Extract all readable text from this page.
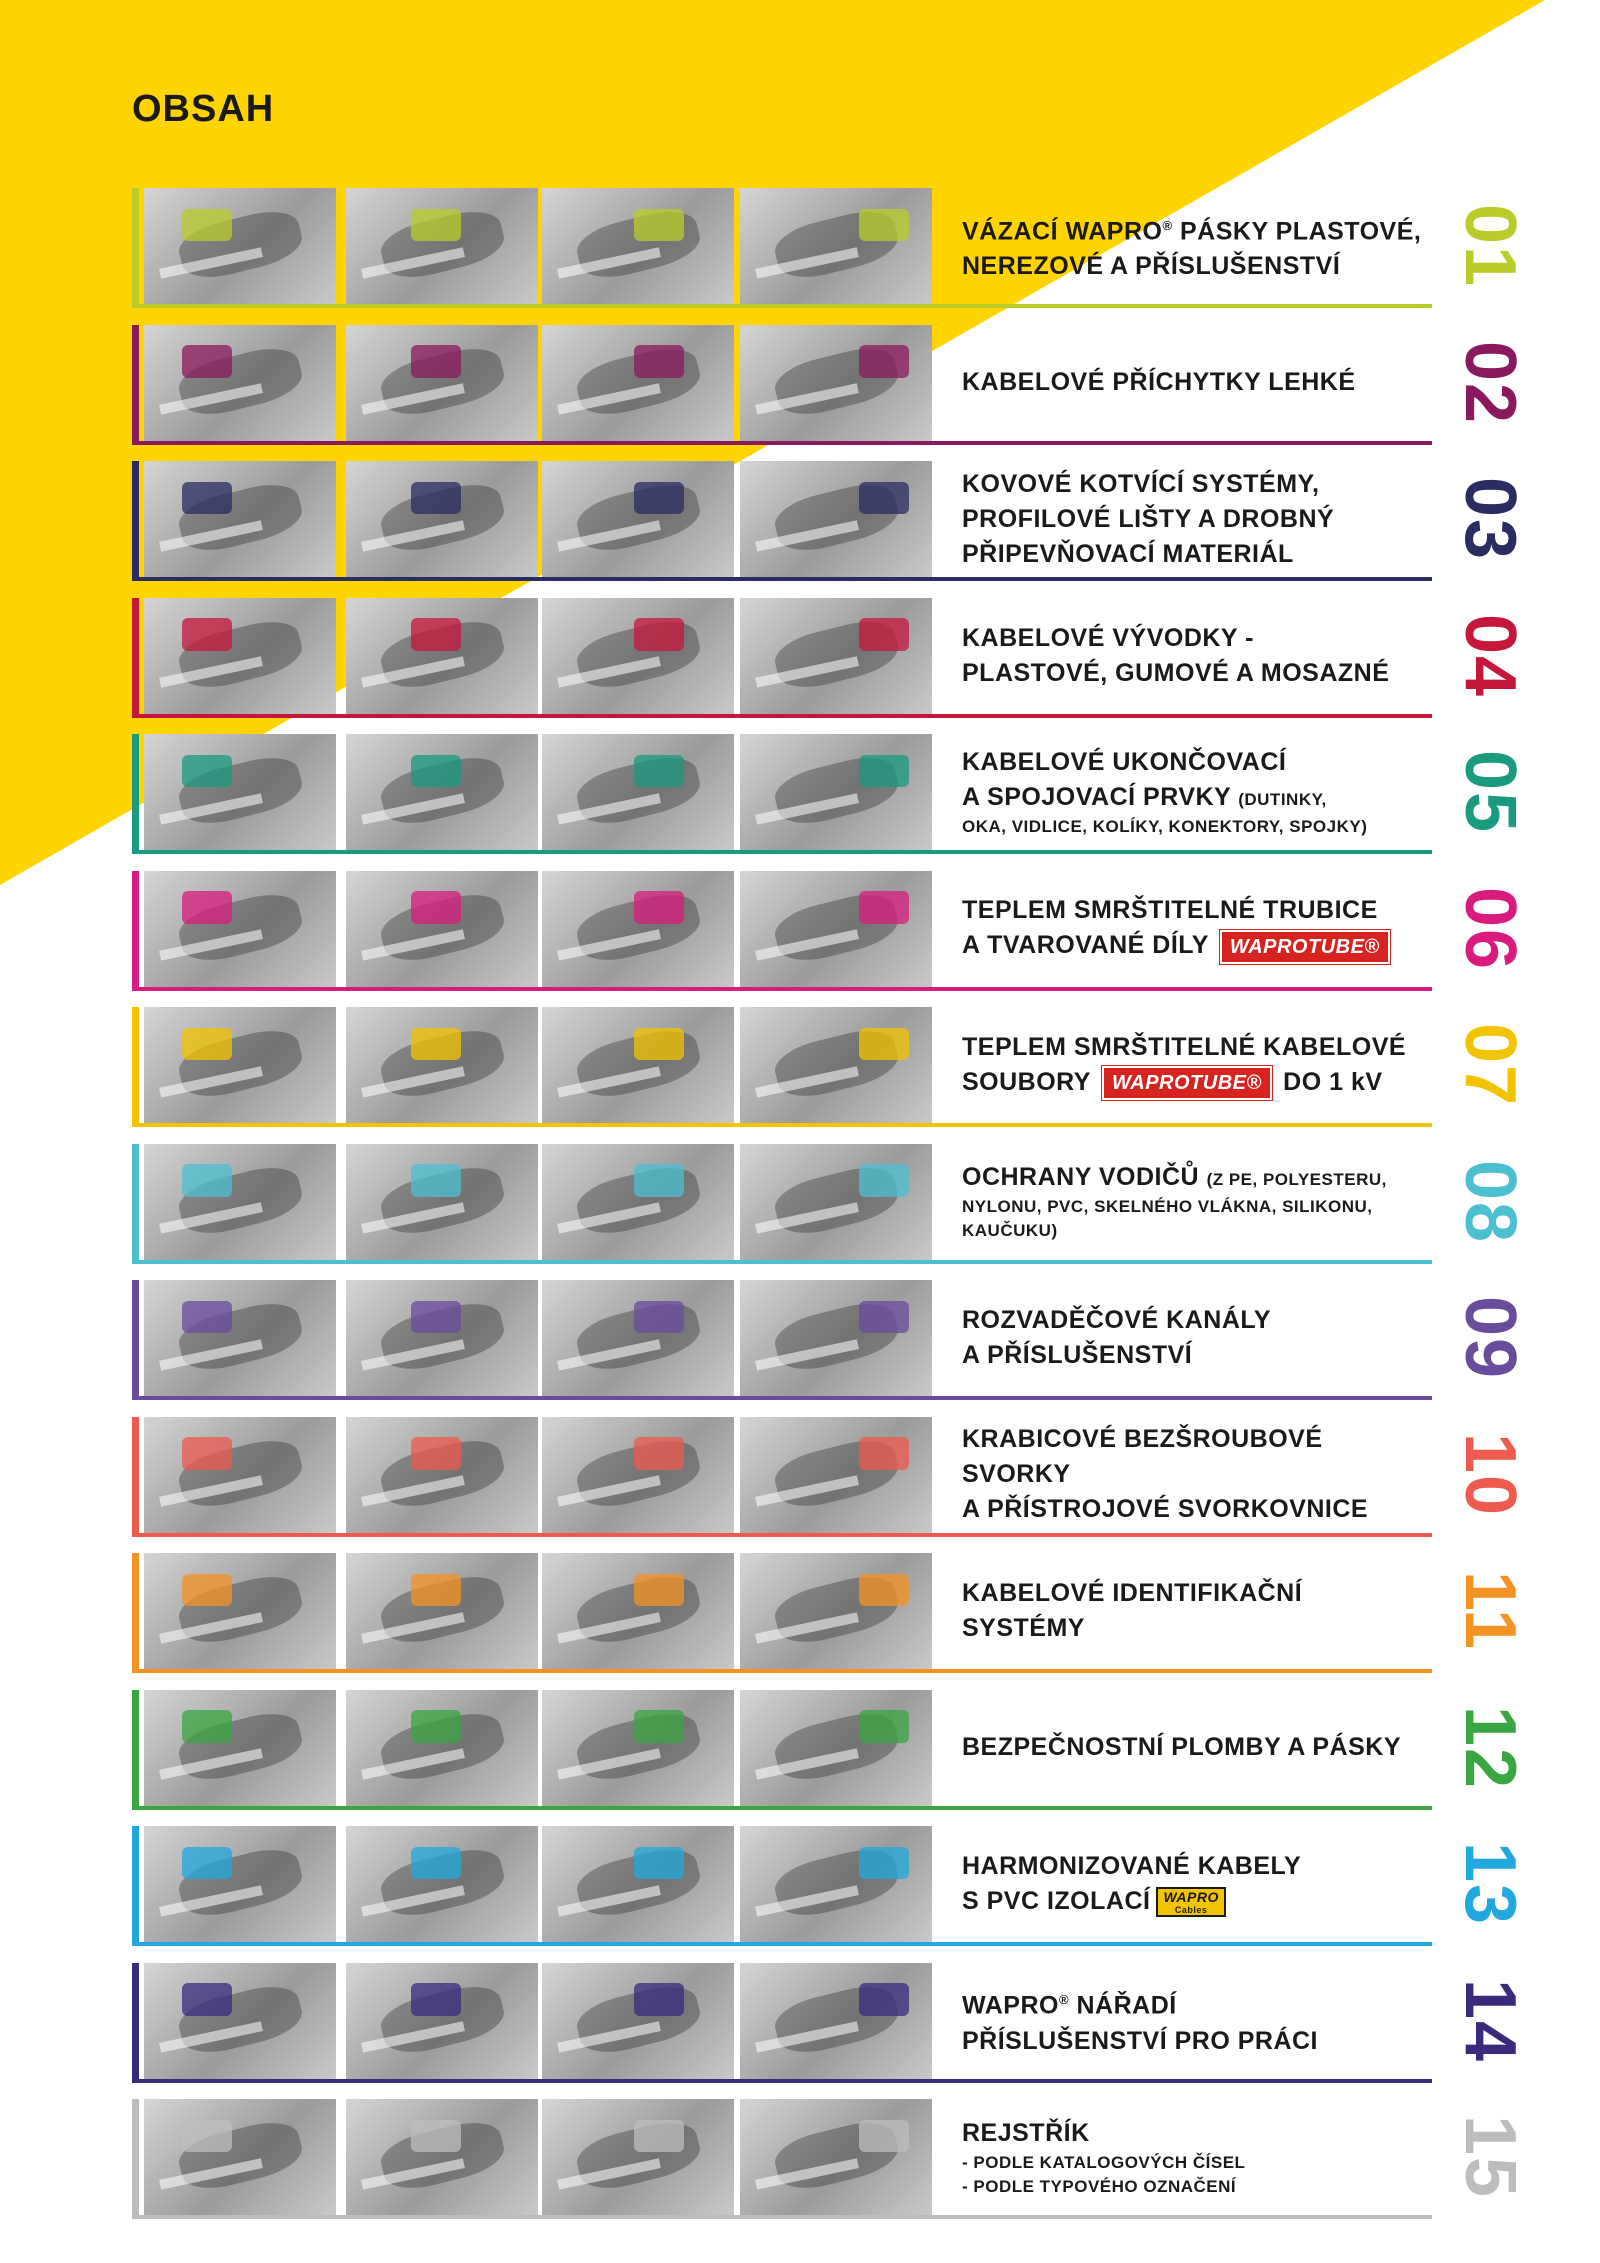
OBSAH
VÁZACÍ WAPRO® PÁSKY PLASTOVÉ,
NEREZOVÉ A PŘÍSLUŠENSTVÍ	01
KABELOVÉ PŘÍCHYTKY LEHKÉ	02
KOVOVÉ KOTVÍCÍ SYSTÉMY,
PROFILOVÉ LIŠTY A DROBNÝ
PŘIPEVŇOVACÍ MATERIÁL	03
KABELOVÉ VÝVODKY -
PLASTOVÉ, GUMOVÉ A MOSAZNÉ 04
KABELOVÉ UKONČOVACÍ
A SPOJOVACÍ PRVKY (DUTINKY,
OKA, VIDLICE, KOLÍKY, KONEKTORY, SPOJKY)	05
TEPLEM SMRŠTITELNÉ TRUBICE
A TVAROVANÉ DÍLY WAPROTUBE® 06
TEPLEM SMRŠTITELNÉ KABELOVÉ
SOUBORY WAPROTUBE® DO 1 kV 07
OCHRANY VODIČŮ (Z PE, POLYESTERU,
NYLONU, PVC, SKELNÉHO VLÁKNA, SILIKONU,
KAUČUKU)	08
ROZVADĚČOVÉ KANÁLY
A PŘÍSLUŠENSTVÍ	09
KRABICOVÉ BEZŠROUBOVÉ SVORKY
A PŘÍSTROJOVÉ SVORKOVNICE	10
KABELOVÉ IDENTIFIKAČNÍ SYSTÉMY	11
BEZPEČNOSTNÍ PLOMBY A PÁSKY 12
HARMONIZOVANÉ KABELY
S PVC IZOLACÍ WAPRO
Cables	13
WAPRO® NÁŘADÍ
PŘÍSLUŠENSTVÍ PRO PRÁCI	14
REJSTŘÍK
- PODLE KATALOGOVÝCH ČÍSEL
- PODLE TYPOVÉHO OZNAČENÍ	15
